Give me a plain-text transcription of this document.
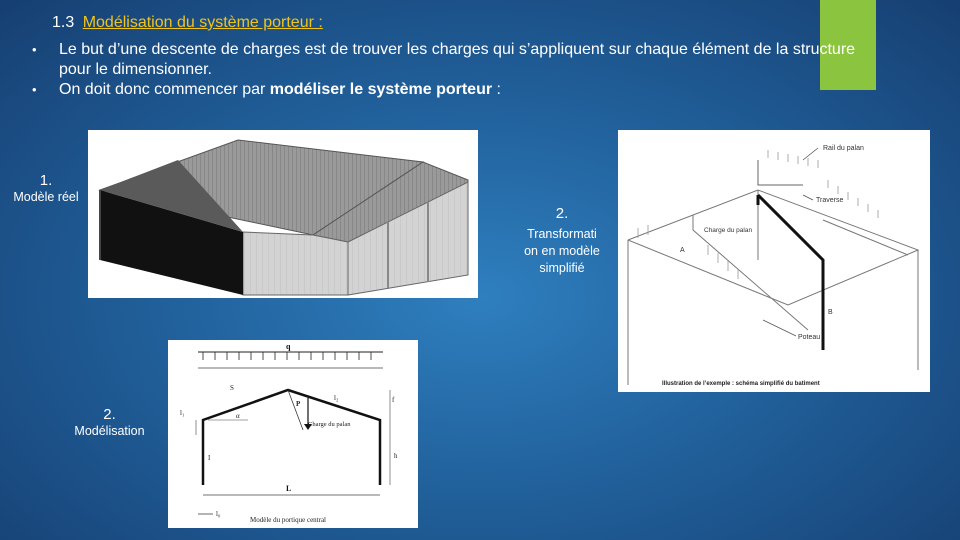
1.3 Modélisation du système porteur :
• Le but d’une descente de charges est de trouver les charges qui s’appliquent sur chaque élément de la structure pour le dimensionner.
• On doit donc commencer par modéliser le système porteur :
1.
Modèle réel
2.
Transformation en modèle simplifié
Rail du palan
Traverse
Charge du palan
A
B
Poteau
Illustration de l’exemple : schéma simplifié du batiment
q
S
P
α
l₁
l₂	f
h
I
Charge du palan
L
l₀
Modèle du portique central
2.
Modélisation
